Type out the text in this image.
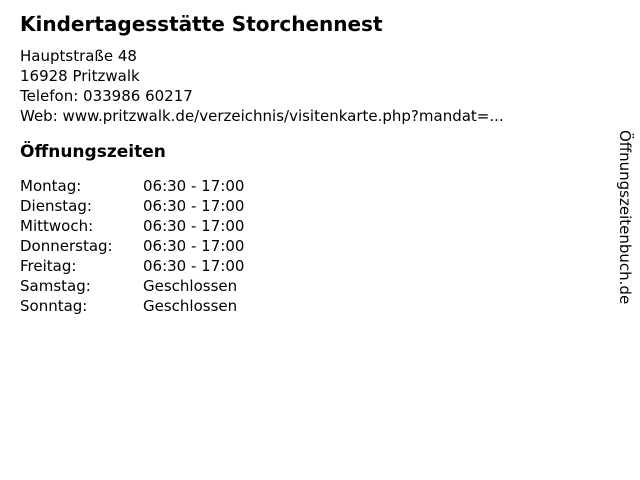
Kindertagesstätte Storchennest
Hauptstraße 48
16928 Pritzwalk
Telefon: 033986 60217
Web: www.pritzwalk.de/verzeichnis/visitenkarte.php?mandat=...
Öffnungszeiten
Montag:	06:30 - 17:00
Dienstag:	06:30 - 17:00
Mittwoch:	06:30 - 17:00
Donnerstag:	06:30 - 17:00
Freitag:	06:30 - 17:00
Samstag:	Geschlossen
Sonntag:	Geschlossen
Öffnungszeitenbuch.de
